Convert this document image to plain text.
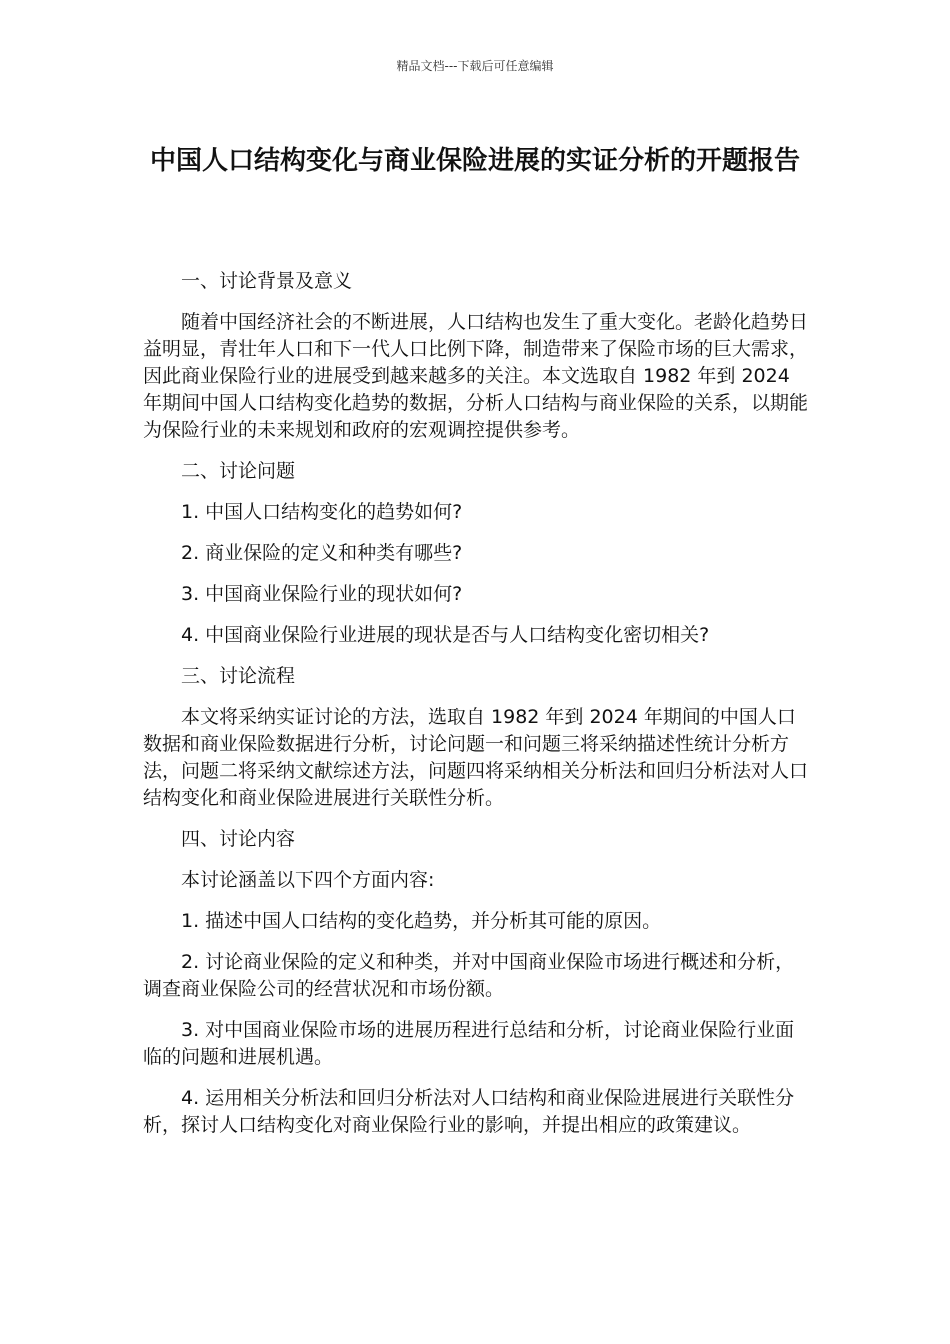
精品文档---下载后可任意编辑
中国人口结构变化与商业保险进展的实证分析的开题报告

一、讨论背景及意义

随着中国经济社会的不断进展，人口结构也发生了重大变化。老龄化趋势日益明显，青壮年人口和下一代人口比例下降，制造带来了保险市场的巨大需求，因此商业保险行业的进展受到越来越多的关注。本文选取自 1982 年到 2024 年期间中国人口结构变化趋势的数据，分析人口结构与商业保险的关系，以期能为保险行业的未来规划和政府的宏观调控提供参考。

二、讨论问题

1. 中国人口结构变化的趋势如何?

2. 商业保险的定义和种类有哪些?

3. 中国商业保险行业的现状如何?

4. 中国商业保险行业进展的现状是否与人口结构变化密切相关?

三、讨论流程

本文将采纳实证讨论的方法，选取自 1982 年到 2024 年期间的中国人口数据和商业保险数据进行分析，讨论问题一和问题三将采纳描述性统计分析方法，问题二将采纳文献综述方法，问题四将采纳相关分析法和回归分析法对人口结构变化和商业保险进展进行关联性分析。

四、讨论内容

本讨论涵盖以下四个方面内容:

1. 描述中国人口结构的变化趋势，并分析其可能的原因。

2. 讨论商业保险的定义和种类，并对中国商业保险市场进行概述和分析，调查商业保险公司的经营状况和市场份额。

3. 对中国商业保险市场的进展历程进行总结和分析，讨论商业保险行业面临的问题和进展机遇。

4. 运用相关分析法和回归分析法对人口结构和商业保险进展进行关联性分析，探讨人口结构变化对商业保险行业的影响，并提出相应的政策建议。
